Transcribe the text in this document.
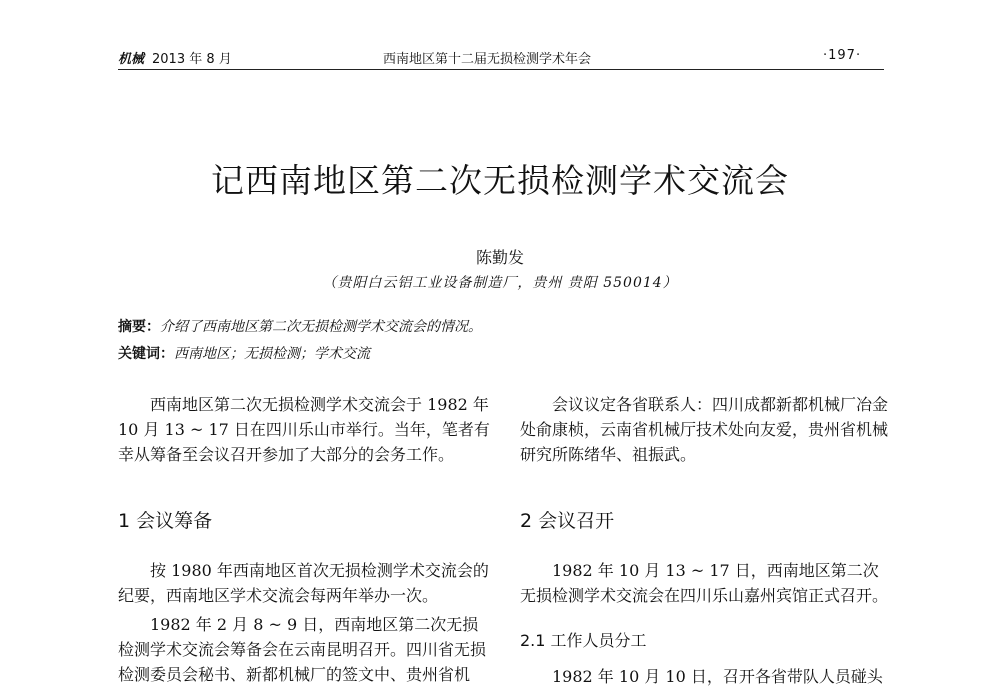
机械 2013 年 8 月	西南地区第十二届无损检测学术年会	·197·
记西南地区第二次无损检测学术交流会
陈勤发
（贵阳白云铝工业设备制造厂，贵州 贵阳 550014）
摘要：介绍了西南地区第二次无损检测学术交流会的情况。
关键词：西南地区；无损检测；学术交流

西南地区第二次无损检测学术交流会于 1982 年10 月 13 ~ 17 日在四川乐山市举行。当年，笔者有幸从筹备至会议召开参加了大部分的会务工作。

1 会议筹备

按 1980 年西南地区首次无损检测学术交流会的纪要，西南地区学术交流会每两年举办一次。

1982 年 2 月 8 ~ 9 日，西南地区第二次无损检测学术交流会筹备会在云南昆明召开。四川省无损检测委员会秘书、新都机械厂的签文中、贵州省机

会议议定各省联系人：四川成都新都机械厂冶金处俞康桢，云南省机械厅技术处向友爱，贵州省机械研究所陈绪华、祖振武。

2 会议召开

1982 年 10 月 13 ~ 17 日，西南地区第二次无损检测学术交流会在四川乐山嘉州宾馆正式召开。

2.1 工作人员分工

1982 年 10 月 10 日，召开各省带队人员碰头
